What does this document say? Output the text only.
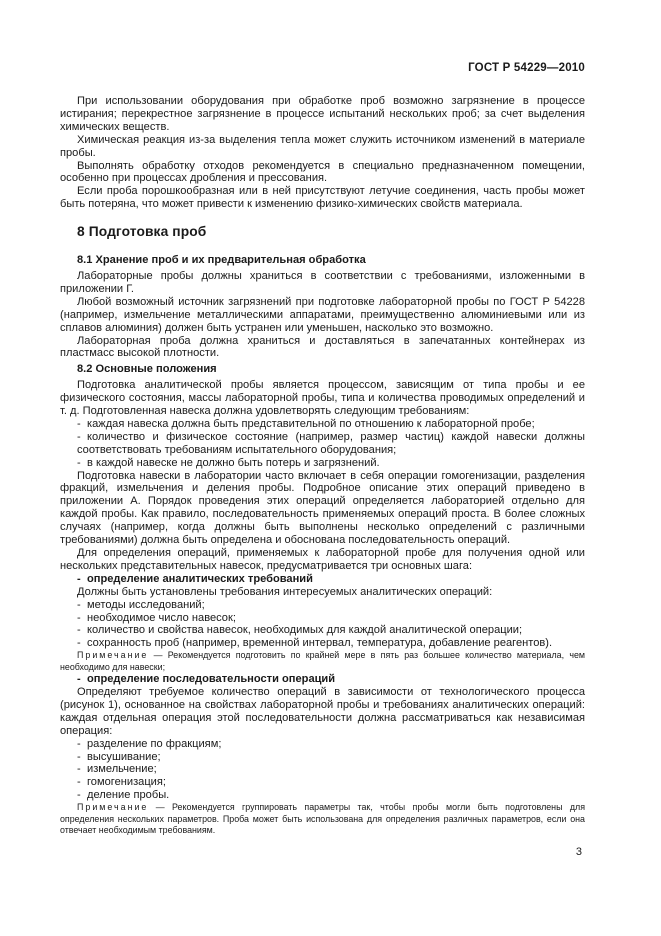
ГОСТ Р 54229—2010

При использовании оборудования при обработке проб возможно загрязнение в процессе истирания; перекрестное загрязнение в процессе испытаний нескольких проб; за счет выделения химических веществ.

Химическая реакция из-за выделения тепла может служить источником изменений в материале пробы.

Выполнять обработку отходов рекомендуется в специально предназначенном помещении, особенно при процессах дробления и прессования.

Если проба порошкообразная или в ней присутствуют летучие соединения, часть пробы может быть потеряна, что может привести к изменению физико-химических свойств материала.

8 Подготовка проб
8.1 Хранение проб и их предварительная обработка

Лабораторные пробы должны храниться в соответствии с требованиями, изложенными в приложении Г.

Любой возможный источник загрязнений при подготовке лабораторной пробы по ГОСТ Р 54228 (например, измельчение металлическими аппаратами, преимущественно алюминиевыми или из сплавов алюминия) должен быть устранен или уменьшен, насколько это возможно.

Лабораторная проба должна храниться и доставляться в запечатанных контейнерах из пластмасс высокой плотности.

8.2 Основные положения

Подготовка аналитической пробы является процессом, зависящим от типа пробы и ее физического состояния, массы лабораторной пробы, типа и количества проводимых определений и т. д. Подготовленная навеска должна удовлетворять следующим требованиям:

- каждая навеска должна быть представительной по отношению к лабораторной пробе;
- количество и физическое состояние (например, размер частиц) каждой навески должны соответствовать требованиям испытательного оборудования;
- в каждой навеске не должно быть потерь и загрязнений.

Подготовка навески в лаборатории часто включает в себя операции гомогенизации, разделения фракций, измельчения и деления пробы. Подробное описание этих операций приведено в приложении А. Порядок проведения этих операций определяется лабораторией отдельно для каждой пробы. Как правило, последовательность применяемых операций проста. В более сложных случаях (например, когда должны быть выполнены несколько определений с различными требованиями) должна быть определена и обоснована последовательность операций.

Для определения операций, применяемых к лабораторной пробе для получения одной или нескольких представительных навесок, предусматривается три основных шага:

- определение аналитических требований

Должны быть установлены требования интересуемых аналитических операций:

- методы исследований;
- необходимое число навесок;
- количество и свойства навесок, необходимых для каждой аналитической операции;
- сохранность проб (например, временной интервал, температура, добавление реагентов).

Примечание — Рекомендуется подготовить по крайней мере в пять раз большее количество материала, чем необходимо для навески;

- определение последовательности операций

Определяют требуемое количество операций в зависимости от технологического процесса (рисунок 1), основанное на свойствах лабораторной пробы и требованиях аналитических операций: каждая отдельная операция этой последовательности должна рассматриваться как независимая операция:

- разделение по фракциям;
- высушивание;
- измельчение;
- гомогенизация;
- деление пробы.

Примечание — Рекомендуется группировать параметры так, чтобы пробы могли быть подготовлены для определения нескольких параметров. Проба может быть использована для определения различных параметров, если она отвечает необходимым требованиям.

3
